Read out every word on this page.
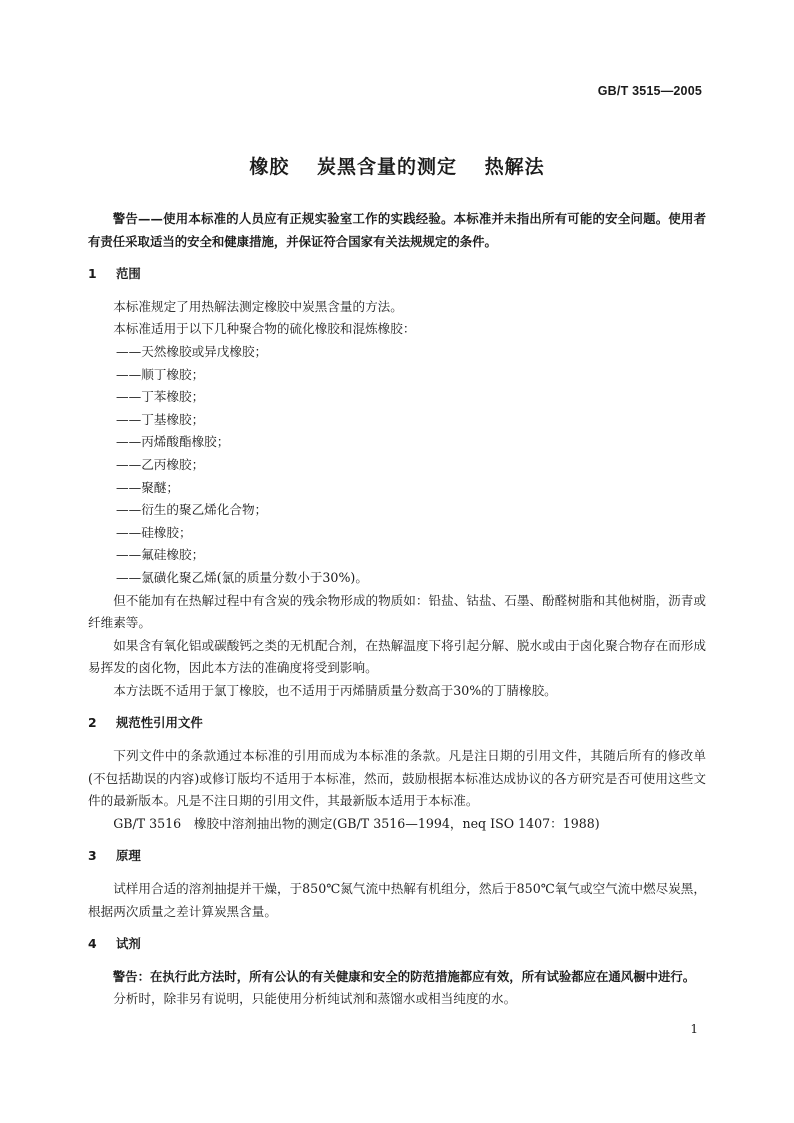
GB/T 3515—2005
橡胶 炭黑含量的测定 热解法

警告——使用本标准的人员应有正规实验室工作的实践经验。本标准并未指出所有可能的安全问题。使用者有责任采取适当的安全和健康措施，并保证符合国家有关法规规定的条件。

1 范围

本标准规定了用热解法测定橡胶中炭黑含量的方法。

本标准适用于以下几种聚合物的硫化橡胶和混炼橡胶：

——天然橡胶或异戊橡胶；

——顺丁橡胶；

——丁苯橡胶；

——丁基橡胶；

——丙烯酸酯橡胶；

——乙丙橡胶；

——聚醚；

——衍生的聚乙烯化合物；

——硅橡胶；

——氟硅橡胶；

——氯磺化聚乙烯(氯的质量分数小于30%)。

但不能加有在热解过程中有含炭的残余物形成的物质如：铅盐、钴盐、石墨、酚醛树脂和其他树脂，沥青或纤维素等。

如果含有氧化铝或碳酸钙之类的无机配合剂，在热解温度下将引起分解、脱水或由于卤化聚合物存在而形成易挥发的卤化物，因此本方法的准确度将受到影响。

本方法既不适用于氯丁橡胶，也不适用于丙烯腈质量分数高于30%的丁腈橡胶。

2 规范性引用文件

下列文件中的条款通过本标准的引用而成为本标准的条款。凡是注日期的引用文件，其随后所有的修改单(不包括勘误的内容)或修订版均不适用于本标准，然而，鼓励根据本标准达成协议的各方研究是否可使用这些文件的最新版本。凡是不注日期的引用文件，其最新版本适用于本标准。

GB/T 3516　橡胶中溶剂抽出物的测定(GB/T 3516—1994，neq ISO 1407：1988)

3 原理

试样用合适的溶剂抽提并干燥，于850℃氮气流中热解有机组分，然后于850℃氧气或空气流中燃尽炭黑，根据两次质量之差计算炭黑含量。

4 试剂

警告：在执行此方法时，所有公认的有关健康和安全的防范措施都应有效，所有试验都应在通风橱中进行。

分析时，除非另有说明，只能使用分析纯试剂和蒸馏水或相当纯度的水。

1
